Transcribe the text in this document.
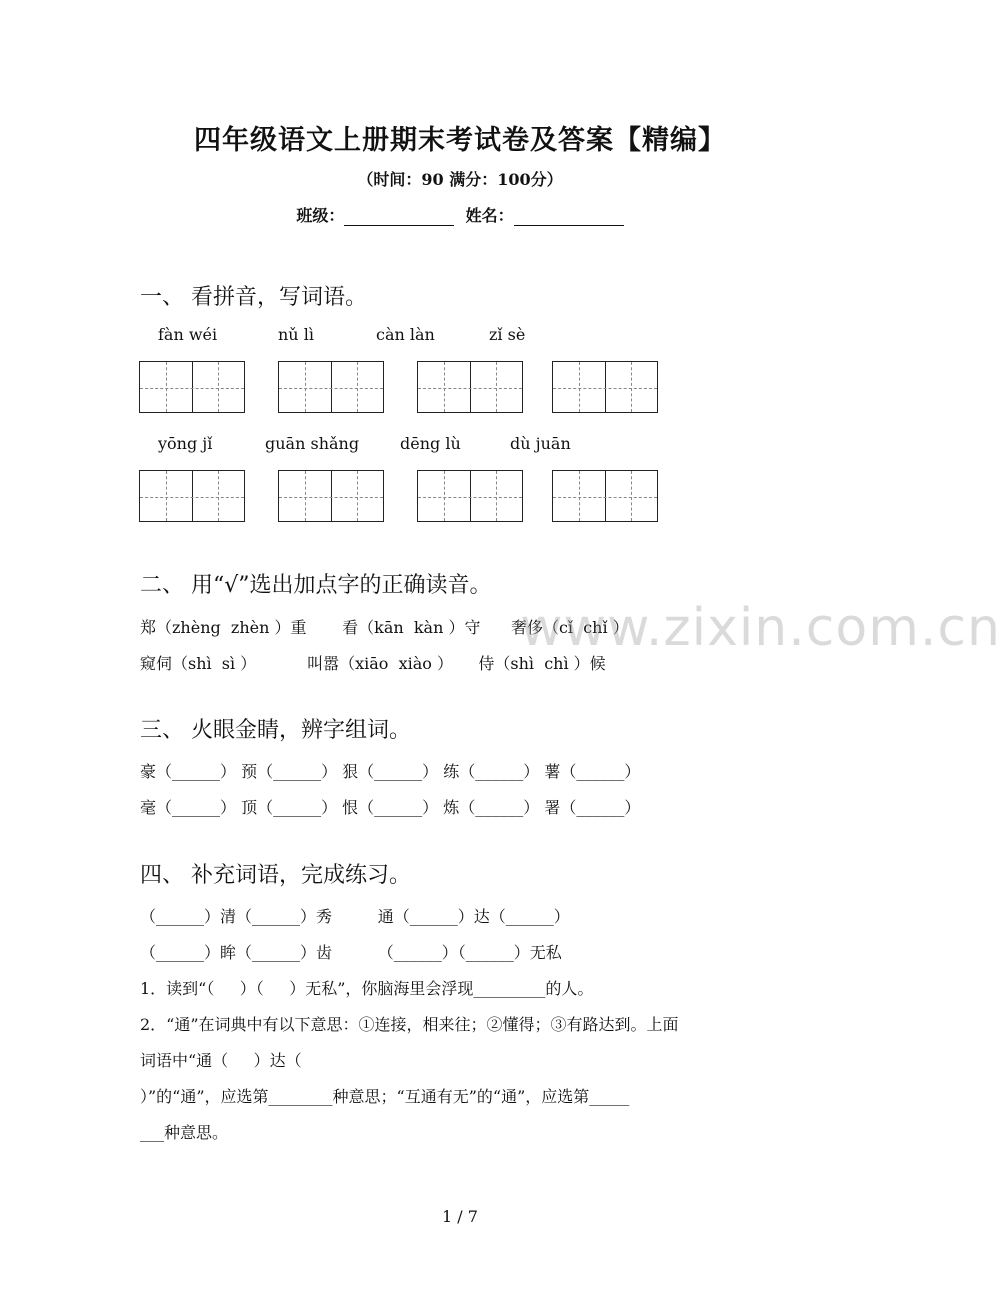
四年级语文上册期末考试卷及答案【精编】
（时间：90 满分：100分）
班级：	姓名：
一、 看拼音，写词语。
fàn wéi	nǔ lì	càn làn	zǐ sè
yōng jǐ	guān shǎng	dēng lù	dù juān
二、 用“√”选出加点字的正确读音。
郑（zhèng  zhèn ）重       看（kān  kàn ）守      奢侈（cǐ  chǐ ）
窥伺（shì  sì ）          叫嚣（xiāo  xiào ）     侍（shì  chì ）候
www.zixin.com.cn
三、 火眼金睛，辨字组词。
豪（______） 预（______） 狠（______） 练（______） 薯（______）
毫（______） 顶（______） 恨（______） 炼（______） 署（______）
四、 补充词语，完成练习。
（______）清（______）秀         通（______）达（______）
（______）眸（______）齿         （______）（______）无私
1．读到“（     ）（     ）无私”，你脑海里会浮现_________的人。
2．“通”在词典中有以下意思：①连接，相来往；②懂得；③有路达到。上面
词语中“通（     ）达（
）”的“通”，应选第________种意思；“互通有无”的“通”，应选第_____
___种意思。
1 / 7
